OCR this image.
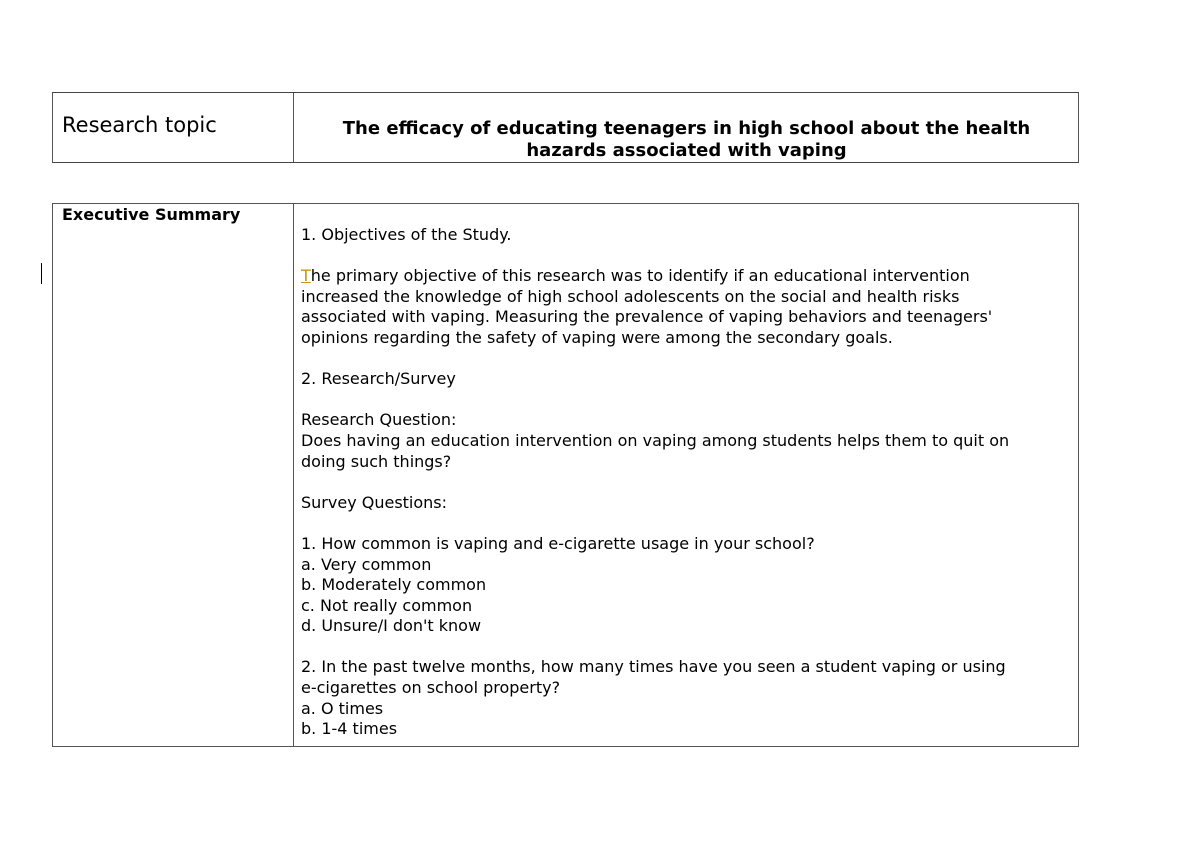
Research topic	The efficacy of educating teenagers in high school about the health hazards associated with vaping
Executive Summary
1. Objectives of the Study.
The primary objective of this research was to identify if an educational intervention
increased the knowledge of high school adolescents on the social and health risks
associated with vaping. Measuring the prevalence of vaping behaviors and teenagers'
opinions regarding the safety of vaping were among the secondary goals.
2. Research/Survey
Research Question:
Does having an education intervention on vaping among students helps them to quit on
doing such things?
Survey Questions:
1. How common is vaping and e-cigarette usage in your school?
a. Very common
b. Moderately common
c. Not really common
d. Unsure/I don't know
2. In the past twelve months, how many times have you seen a student vaping or using
e-cigarettes on school property?
a. O times
b. 1-4 times
